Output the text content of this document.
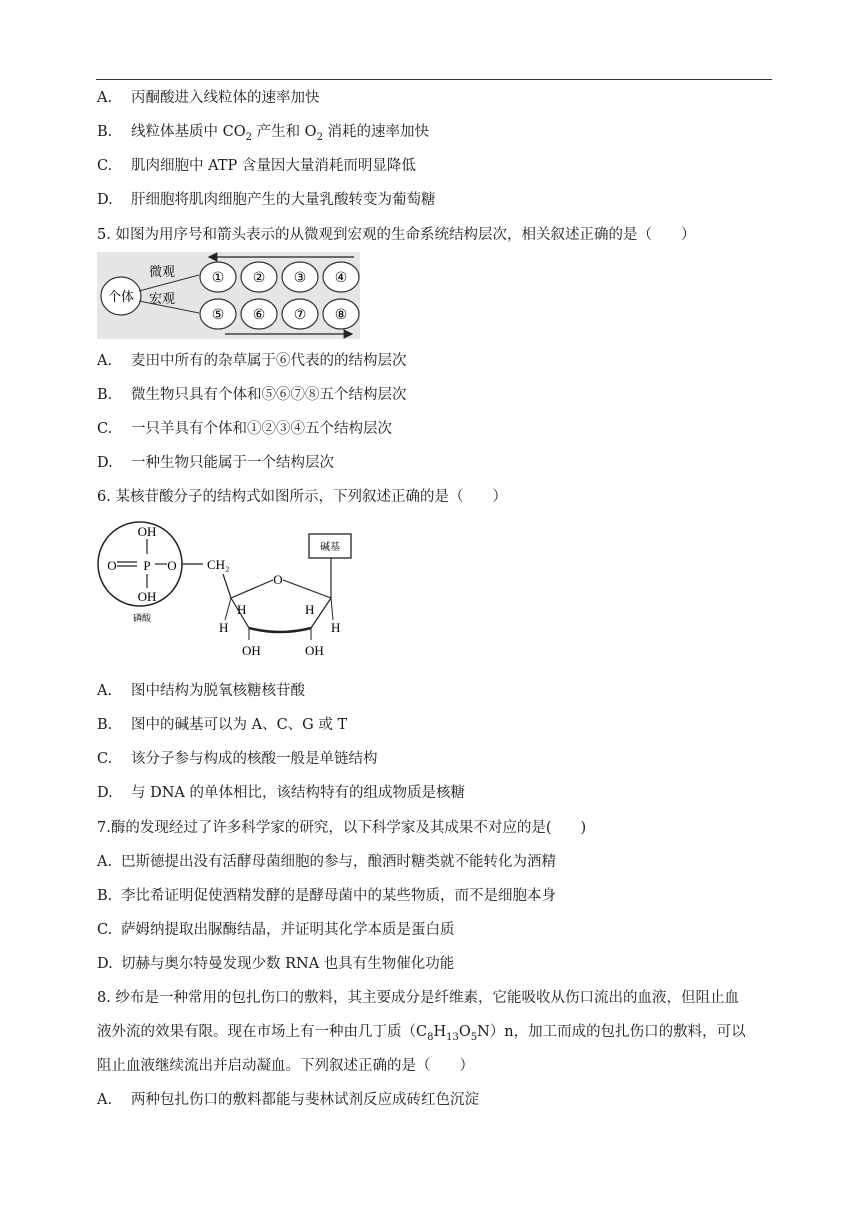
A. 丙酮酸进入线粒体的速率加快
B. 线粒体基质中 $CO_2$ 产生和 $O_2$ 消耗的速率加快
C. 肌肉细胞中 ATP 含量因大量消耗而明显降低
D. 肝细胞将肌肉细胞产生的大量乳酸转变为葡萄糖
5. 如图为用序号和箭头表示的从微观到宏观的生命系统结构层次，相关叙述正确的是（　　）
个体
微观
宏观
① ② ③ ④
⑤ ⑥ ⑦ ⑧
A. 麦田中所有的杂草属于⑥代表的的结构层次
B. 微生物只具有个体和⑤⑥⑦⑧五个结构层次
C. 一只羊具有个体和①②③④五个结构层次
D. 一种生物只能属于一个结构层次
6. 某核苷酸分子的结构式如图所示，下列叙述正确的是（　　）
OH
O P O
OH
磷酸
CH₂
O
H
H
H
H
OH	OH
碱基
A. 图中结构为脱氧核糖核苷酸
B. 图中的碱基可以为 A、C、G 或 T
C. 该分子参与构成的核酸一般是单链结构
D. 与 DNA 的单体相比，该结构特有的组成物质是核糖
7.酶的发现经过了许多科学家的研究，以下科学家及其成果不对应的是(　　)
A. 巴斯德提出没有活酵母菌细胞的参与，酿酒时糖类就不能转化为酒精
B. 李比希证明促使酒精发酵的是酵母菌中的某些物质，而不是细胞本身
C. 萨姆纳提取出脲酶结晶，并证明其化学本质是蛋白质
D. 切赫与奥尔特曼发现少数 RNA 也具有生物催化功能
8. 纱布是一种常用的包扎伤口的敷料，其主要成分是纤维素，它能吸收从伤口流出的血液，但阻止血
液外流的效果有限。现在市场上有一种由几丁质$(C_8H_{13}O_5N)n$，加工而成的包扎伤口的敷料，可以
阻止血液继续流出并启动凝血。下列叙述正确的是（　　）
A. 两种包扎伤口的敷料都能与斐林试剂反应成砖红色沉淀
